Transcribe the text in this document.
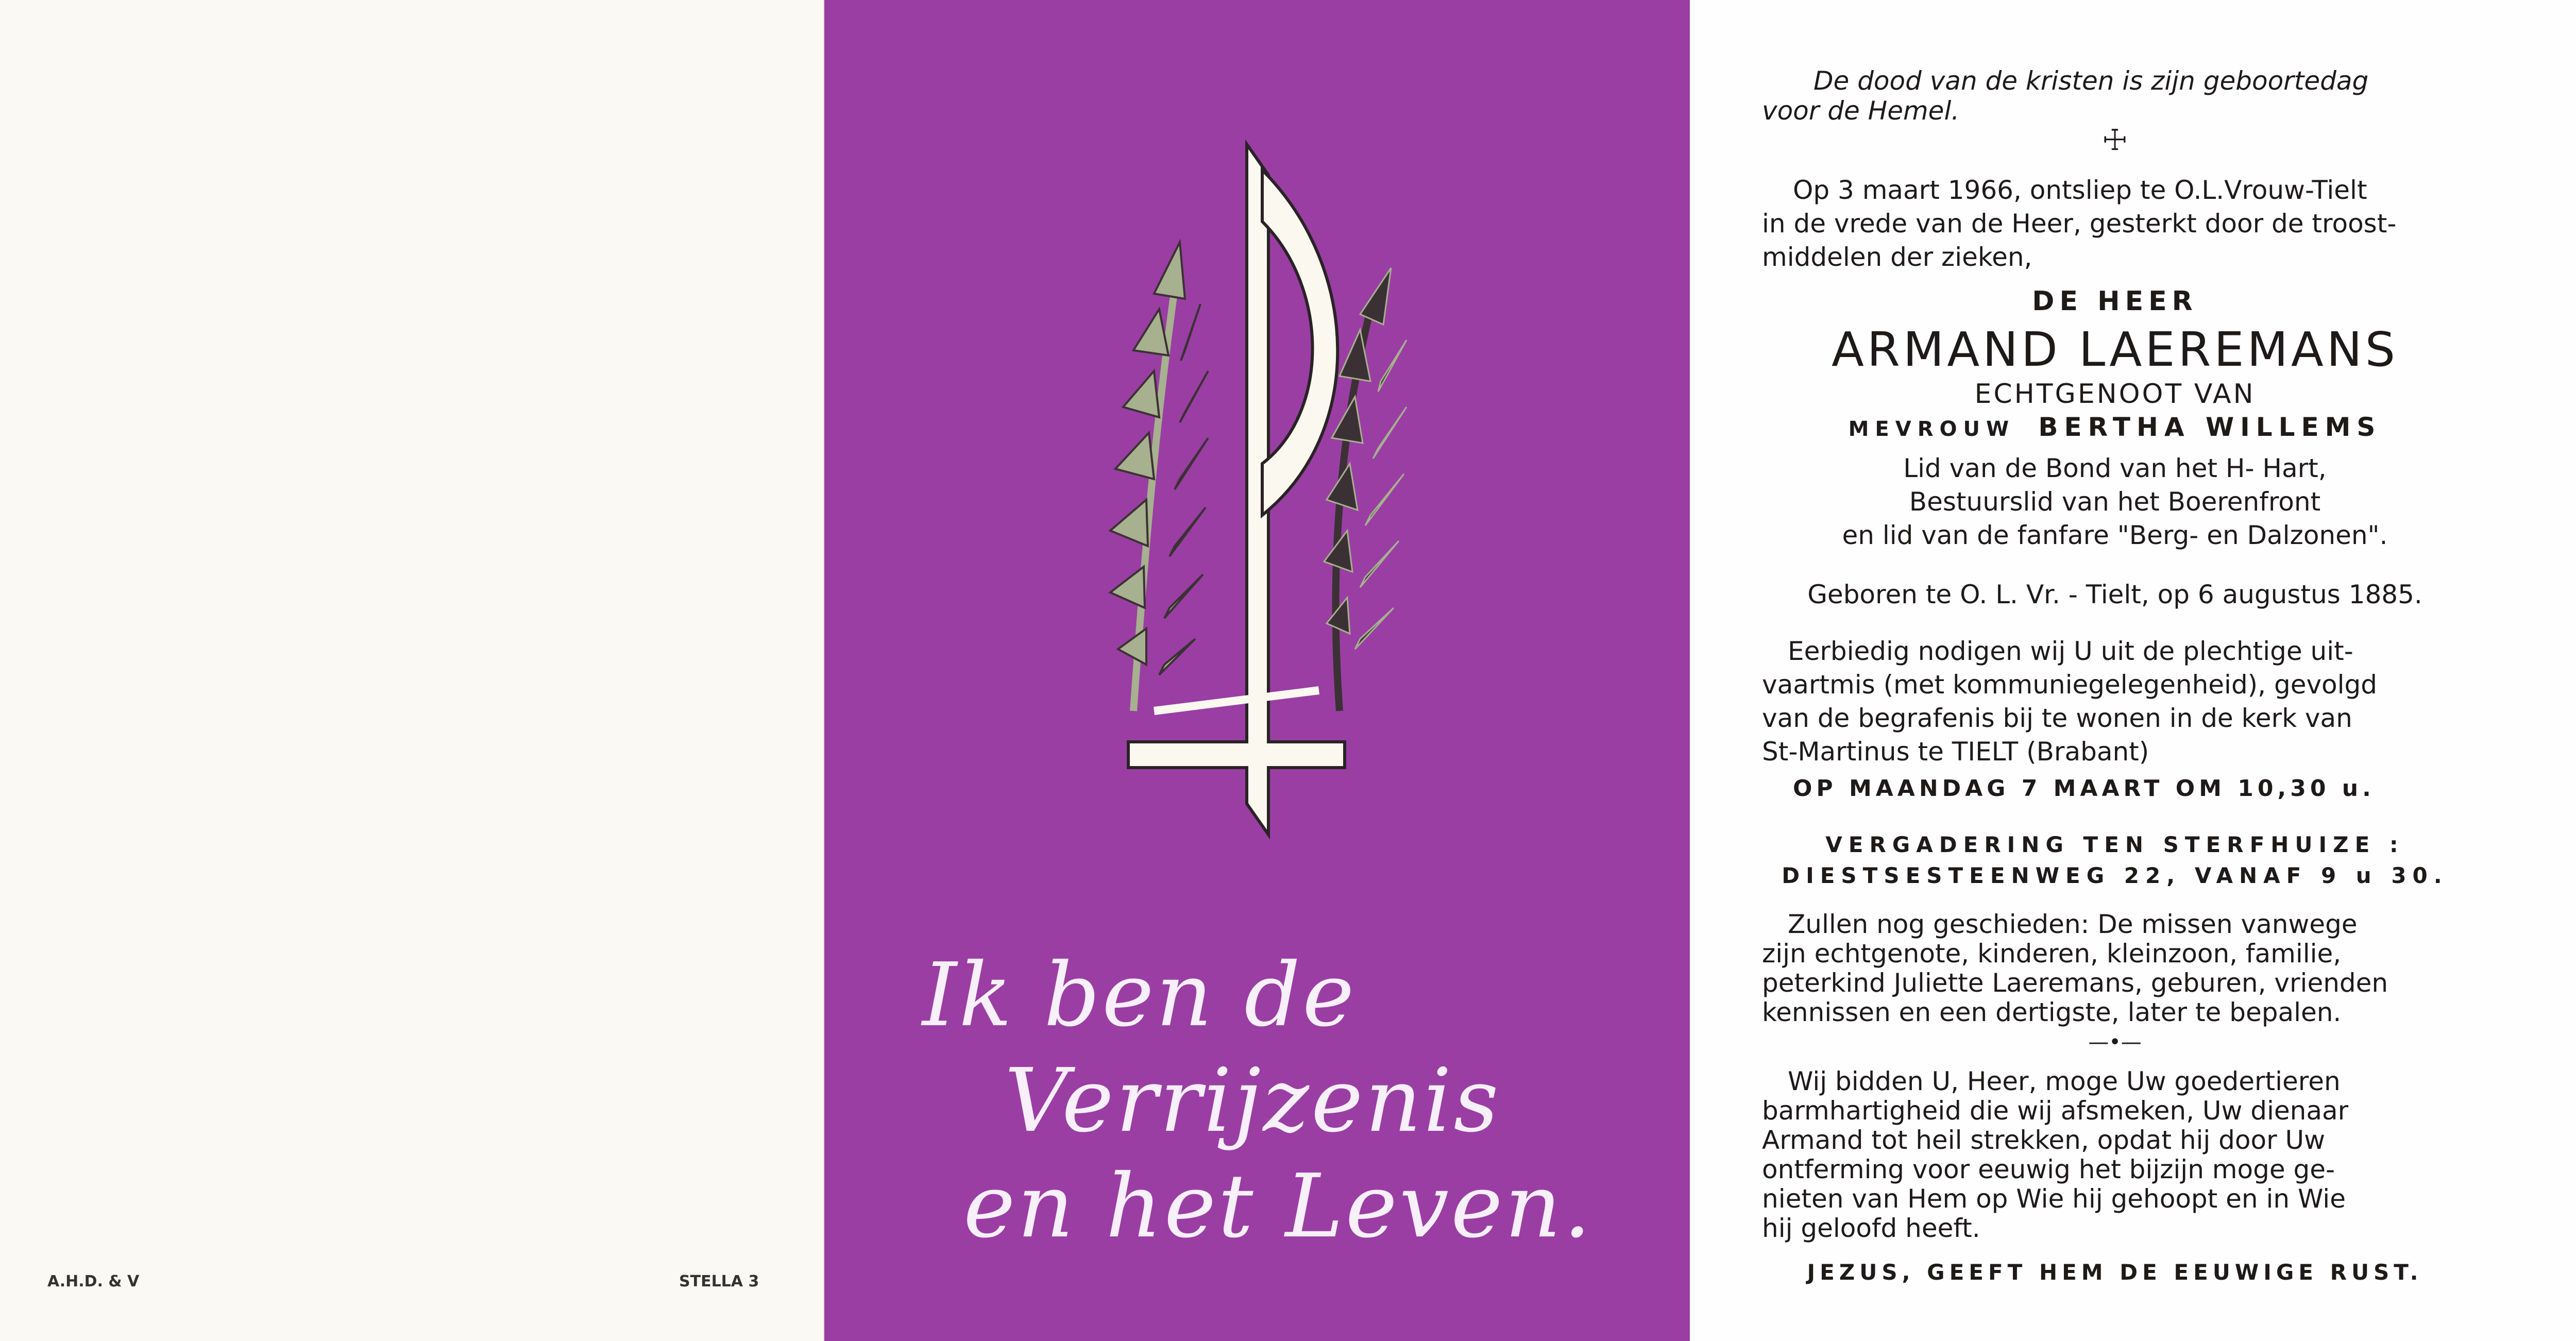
A.H.D. & V	STELLA 3
Ik ben de
Verrijzenis
en het Leven.
De dood van de kristen is zijn geboortedag
voor de Hemel.
☩
Op 3 maart 1966, ontsliep te O.L.Vrouw-Tielt
in de vrede van de Heer, gesterkt door de troost-
middelen der zieken,
DE HEER
ARMAND LAEREMANS
ECHTGENOOT VAN
MEVROUW BERTHA WILLEMS
Lid van de Bond van het H- Hart,
Bestuurslid van het Boerenfront
en lid van de fanfare "Berg- en Dalzonen".
Geboren te O. L. Vr. - Tielt, op 6 augustus 1885.
Eerbiedig nodigen wij U uit de plechtige uit-
vaartmis (met kommuniegelegenheid), gevolgd
van de begrafenis bij te wonen in de kerk van
St-Martinus te TIELT (Brabant)
OP MAANDAG 7 MAART OM 10,30 u.
VERGADERING TEN STERFHUIZE :
DIESTSESTEENWEG 22, VANAF 9 u 30.
Zullen nog geschieden: De missen vanwege
zijn echtgenote, kinderen, kleinzoon, familie,
peterkind Juliette Laeremans, geburen, vrienden
kennissen en een dertigste, later te bepalen.
—•—
Wij bidden U, Heer, moge Uw goedertieren
barmhartigheid die wij afsmeken, Uw dienaar
Armand tot heil strekken, opdat hij door Uw
ontferming voor eeuwig het bijzijn moge ge-
nieten van Hem op Wie hij gehoopt en in Wie
hij geloofd heeft.
JEZUS, GEEFT HEM DE EEUWIGE RUST.
